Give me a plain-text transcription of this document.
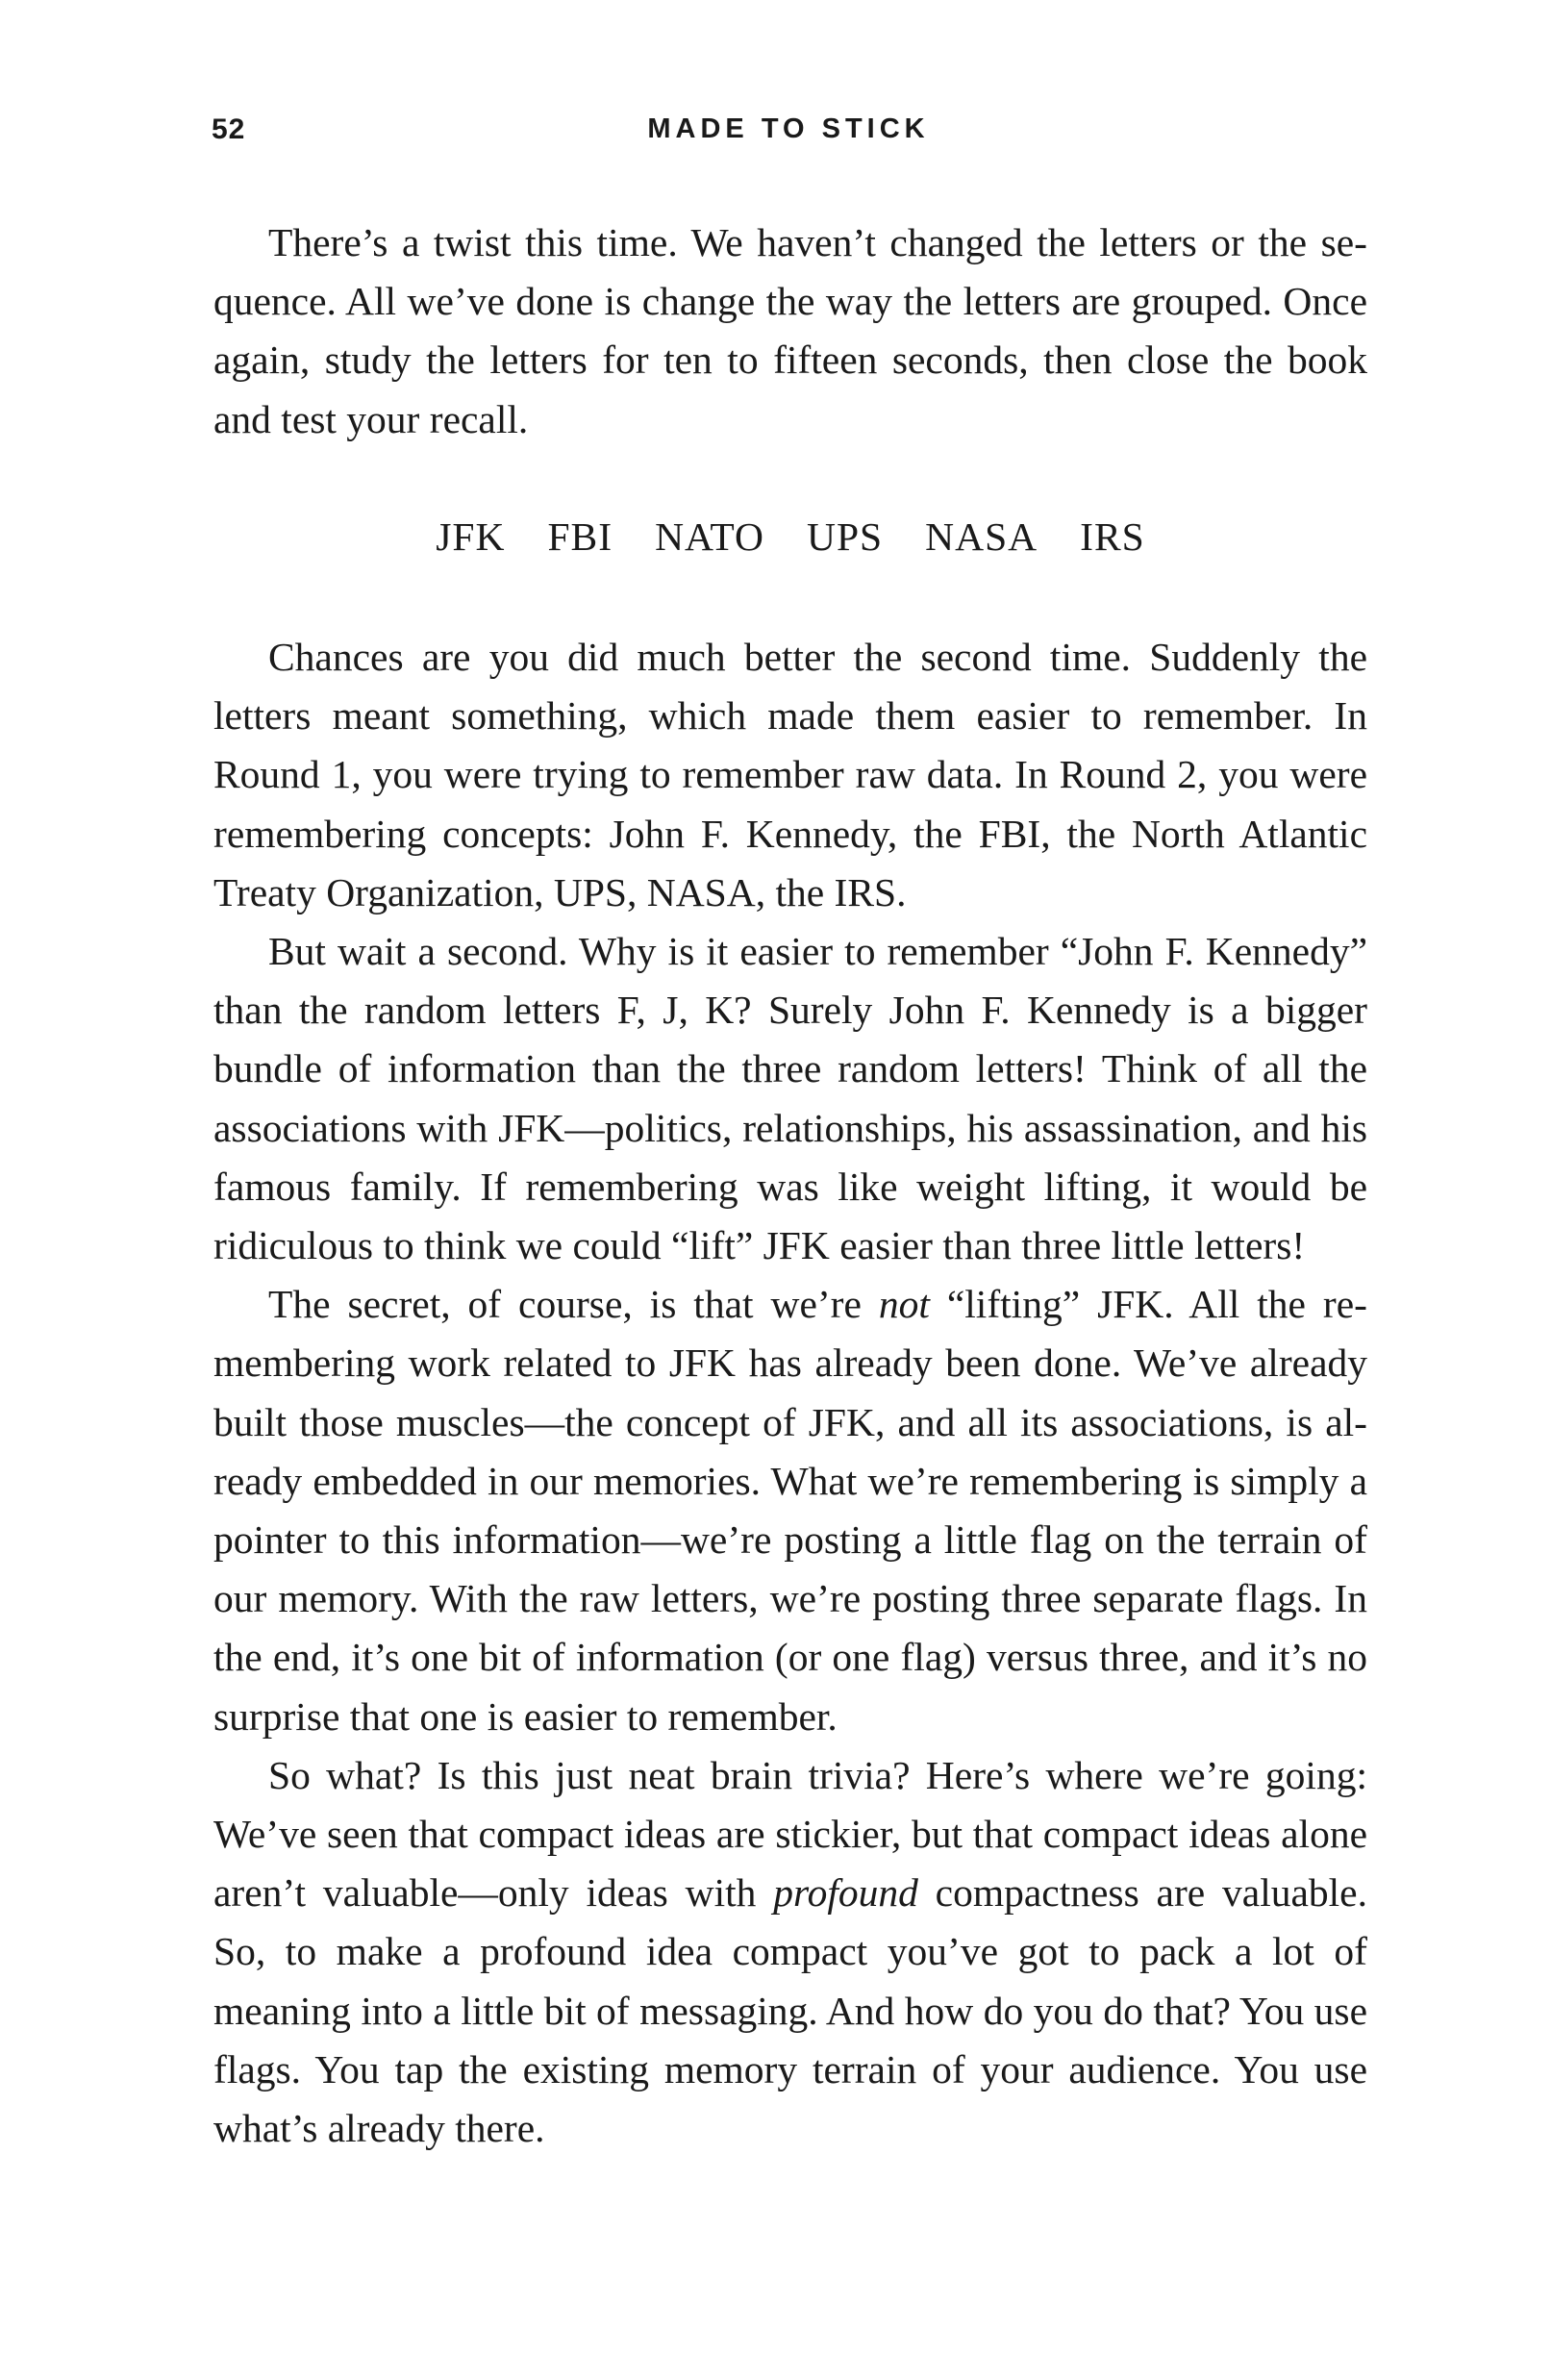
52	MADE TO STICK

There’s a twist this time. We haven’t changed the letters or the sequence. All we’ve done is change the way the letters are grouped. Once again, study the letters for ten to fifteen seconds, then close the book and test your recall.

JFK FBI NATO UPS NASA IRS

Chances are you did much better the second time. Suddenly the letters meant something, which made them easier to remember. In Round 1, you were trying to remember raw data. In Round 2, you were remembering concepts: John F. Kennedy, the FBI, the North Atlantic Treaty Organization, UPS, NASA, the IRS.

But wait a second. Why is it easier to remember “John F. Kennedy” than the random letters F, J, K? Surely John F. Kennedy is a bigger bundle of information than the three random letters! Think of all the associations with JFK—politics, relationships, his assassination, and his famous family. If remembering was like weight lifting, it would be ridiculous to think we could “lift” JFK easier than three little letters!

The secret, of course, is that we’re not “lifting” JFK. All the remembering work related to JFK has already been done. We’ve already built those muscles—the concept of JFK, and all its associations, is already embedded in our memories. What we’re remembering is simply a pointer to this information—we’re posting a little flag on the terrain of our memory. With the raw letters, we’re posting three separate flags. In the end, it’s one bit of information (or one flag) versus three, and it’s no surprise that one is easier to remember.

So what? Is this just neat brain trivia? Here’s where we’re going: We’ve seen that compact ideas are stickier, but that compact ideas alone aren’t valuable—only ideas with profound compactness are valuable. So, to make a profound idea compact you’ve got to pack a lot of meaning into a little bit of messaging. And how do you do that? You use flags. You tap the existing memory terrain of your audience. You use what’s already there.
